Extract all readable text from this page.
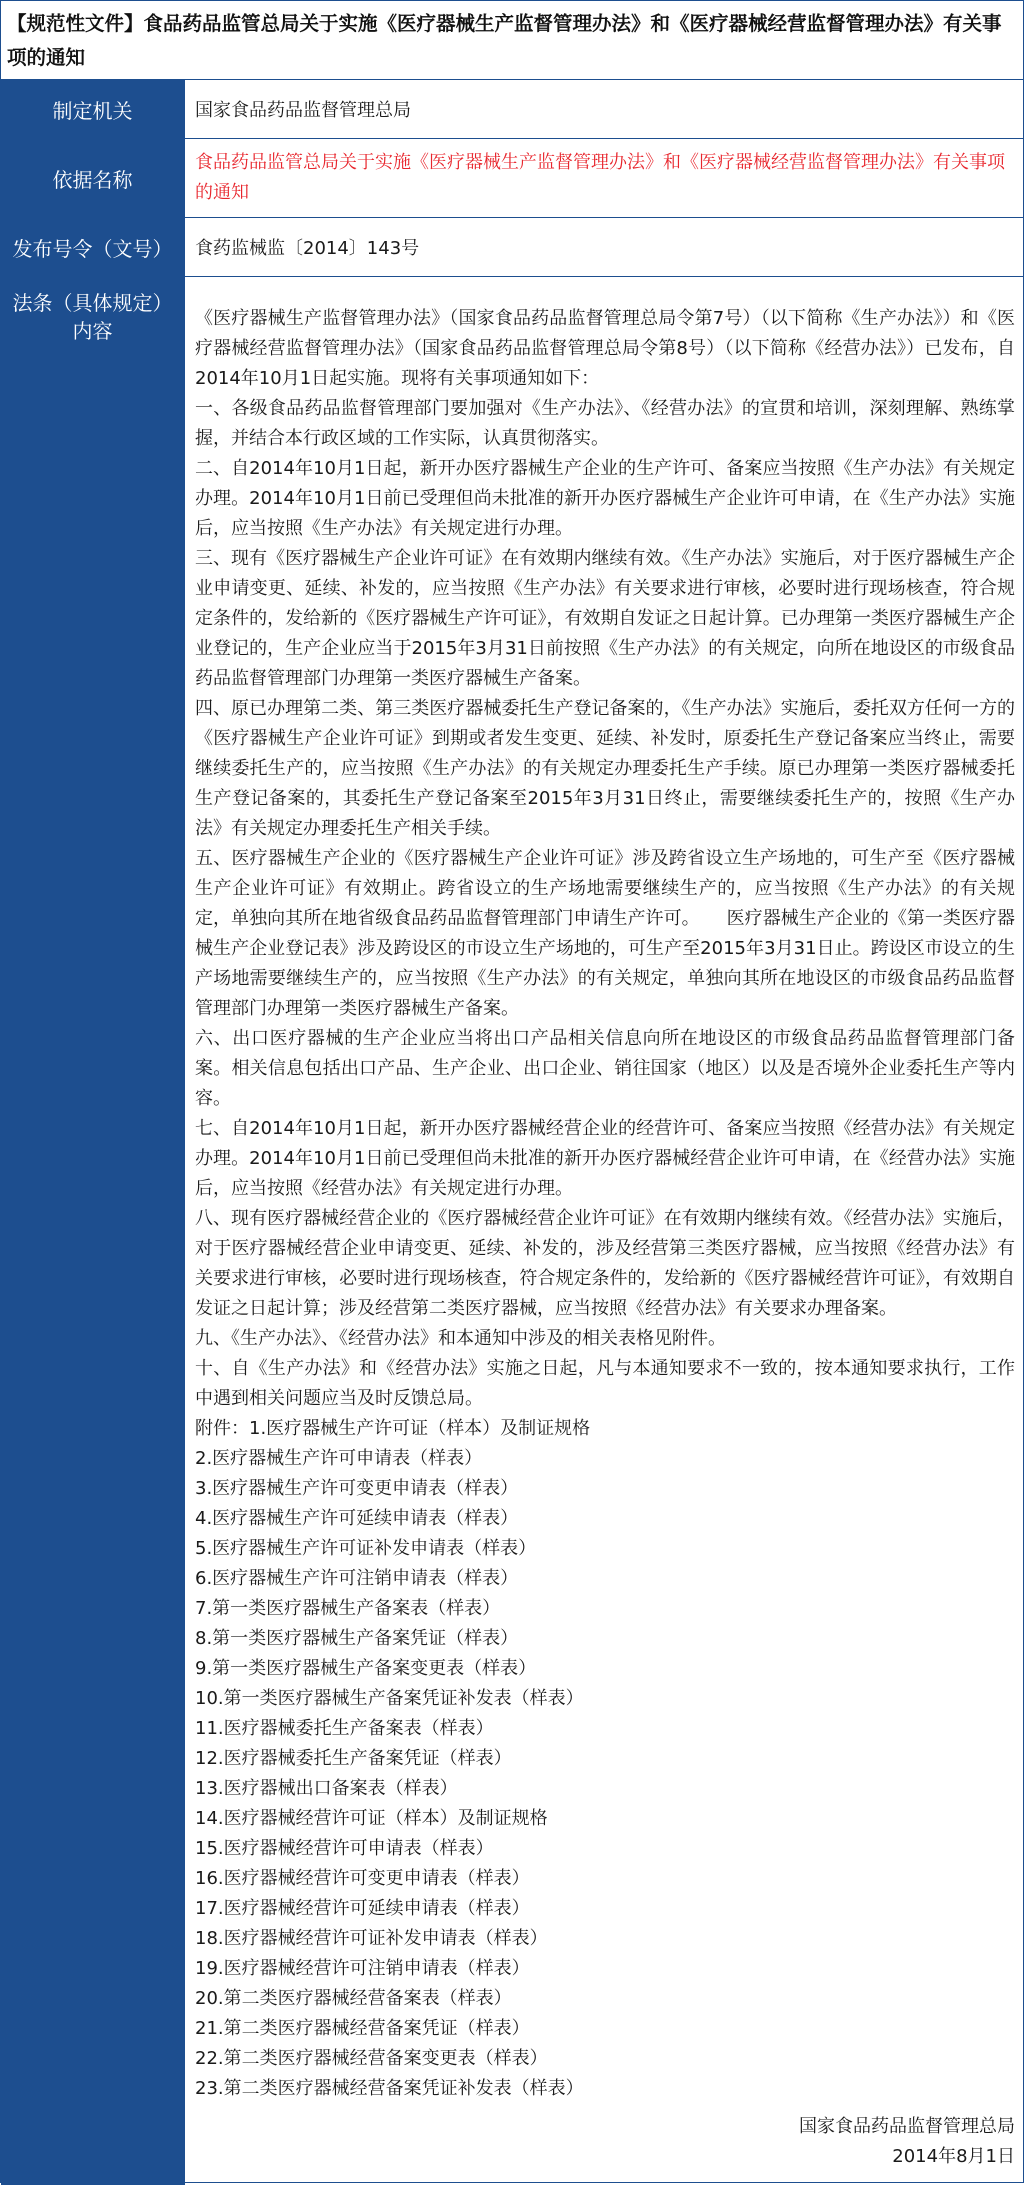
【规范性文件】食品药品监管总局关于实施《医疗器械生产监督管理办法》和《医疗器械经营监督管理办法》有关事项的通知
制定机关	国家食品药品监督管理总局
依据名称
食品药品监管总局关于实施《医疗器械生产监督管理办法》和《医疗器械经营监督管理办法》有关事项的通知
发布号令（文号）	食药监械监〔2014〕143号
法条（具体规定）内容

《医疗器械生产监督管理办法》（国家食品药品监督管理总局令第7号）（以下简称《生产办法》）和《医疗器械经营监督管理办法》（国家食品药品监督管理总局令第8号）（以下简称《经营办法》）已发布，自2014年10月1日起实施。现将有关事项通知如下：

一、各级食品药品监督管理部门要加强对《生产办法》、《经营办法》的宣贯和培训，深刻理解、熟练掌握，并结合本行政区域的工作实际，认真贯彻落实。

二、自2014年10月1日起，新开办医疗器械生产企业的生产许可、备案应当按照《生产办法》有关规定办理。2014年10月1日前已受理但尚未批准的新开办医疗器械生产企业许可申请，在《生产办法》实施后，应当按照《生产办法》有关规定进行办理。

三、现有《医疗器械生产企业许可证》在有效期内继续有效。《生产办法》实施后，对于医疗器械生产企业申请变更、延续、补发的，应当按照《生产办法》有关要求进行审核，必要时进行现场核查，符合规定条件的，发给新的《医疗器械生产许可证》，有效期自发证之日起计算。已办理第一类医疗器械生产企业登记的，生产企业应当于2015年3月31日前按照《生产办法》的有关规定，向所在地设区的市级食品药品监督管理部门办理第一类医疗器械生产备案。

四、原已办理第二类、第三类医疗器械委托生产登记备案的，《生产办法》实施后，委托双方任何一方的《医疗器械生产企业许可证》到期或者发生变更、延续、补发时，原委托生产登记备案应当终止，需要继续委托生产的，应当按照《生产办法》的有关规定办理委托生产手续。原已办理第一类医疗器械委托生产登记备案的，其委托生产登记备案至2015年3月31日终止，需要继续委托生产的，按照《生产办法》有关规定办理委托生产相关手续。

五、医疗器械生产企业的《医疗器械生产企业许可证》涉及跨省设立生产场地的，可生产至《医疗器械生产企业许可证》有效期止。跨省设立的生产场地需要继续生产的，应当按照《生产办法》的有关规定，单独向其所在地省级食品药品监督管理部门申请生产许可。　　医疗器械生产企业的《第一类医疗器械生产企业登记表》涉及跨设区的市设立生产场地的，可生产至2015年3月31日止。跨设区市设立的生产场地需要继续生产的，应当按照《生产办法》的有关规定，单独向其所在地设区的市级食品药品监督管理部门办理第一类医疗器械生产备案。

六、出口医疗器械的生产企业应当将出口产品相关信息向所在地设区的市级食品药品监督管理部门备案。相关信息包括出口产品、生产企业、出口企业、销往国家（地区）以及是否境外企业委托生产等内容。

七、自2014年10月1日起，新开办医疗器械经营企业的经营许可、备案应当按照《经营办法》有关规定办理。2014年10月1日前已受理但尚未批准的新开办医疗器械经营企业许可申请，在《经营办法》实施后，应当按照《经营办法》有关规定进行办理。

八、现有医疗器械经营企业的《医疗器械经营企业许可证》在有效期内继续有效。《经营办法》实施后，对于医疗器械经营企业申请变更、延续、补发的，涉及经营第三类医疗器械，应当按照《经营办法》有关要求进行审核，必要时进行现场核查，符合规定条件的，发给新的《医疗器械经营许可证》，有效期自发证之日起计算；涉及经营第二类医疗器械，应当按照《经营办法》有关要求办理备案。

九、《生产办法》、《经营办法》和本通知中涉及的相关表格见附件。

十、自《生产办法》和《经营办法》实施之日起，凡与本通知要求不一致的，按本通知要求执行，工作中遇到相关问题应当及时反馈总局。

附件：1.医疗器械生产许可证（样本）及制证规格
2.医疗器械生产许可申请表（样表）
3.医疗器械生产许可变更申请表（样表）
4.医疗器械生产许可延续申请表（样表）
5.医疗器械生产许可证补发申请表（样表）
6.医疗器械生产许可注销申请表（样表）
7.第一类医疗器械生产备案表（样表）
8.第一类医疗器械生产备案凭证（样表）
9.第一类医疗器械生产备案变更表（样表）
10.第一类医疗器械生产备案凭证补发表（样表）
11.医疗器械委托生产备案表（样表）
12.医疗器械委托生产备案凭证（样表）
13.医疗器械出口备案表（样表）
14.医疗器械经营许可证（样本）及制证规格
15.医疗器械经营许可申请表（样表）
16.医疗器械经营许可变更申请表（样表）
17.医疗器械经营许可延续申请表（样表）
18.医疗器械经营许可证补发申请表（样表）
19.医疗器械经营许可注销申请表（样表）
20.第二类医疗器械经营备案表（样表）
21.第二类医疗器械经营备案凭证（样表）
22.第二类医疗器械经营备案变更表（样表）
23.第二类医疗器械经营备案凭证补发表（样表）
国家食品药品监督管理总局
2014年8月1日
